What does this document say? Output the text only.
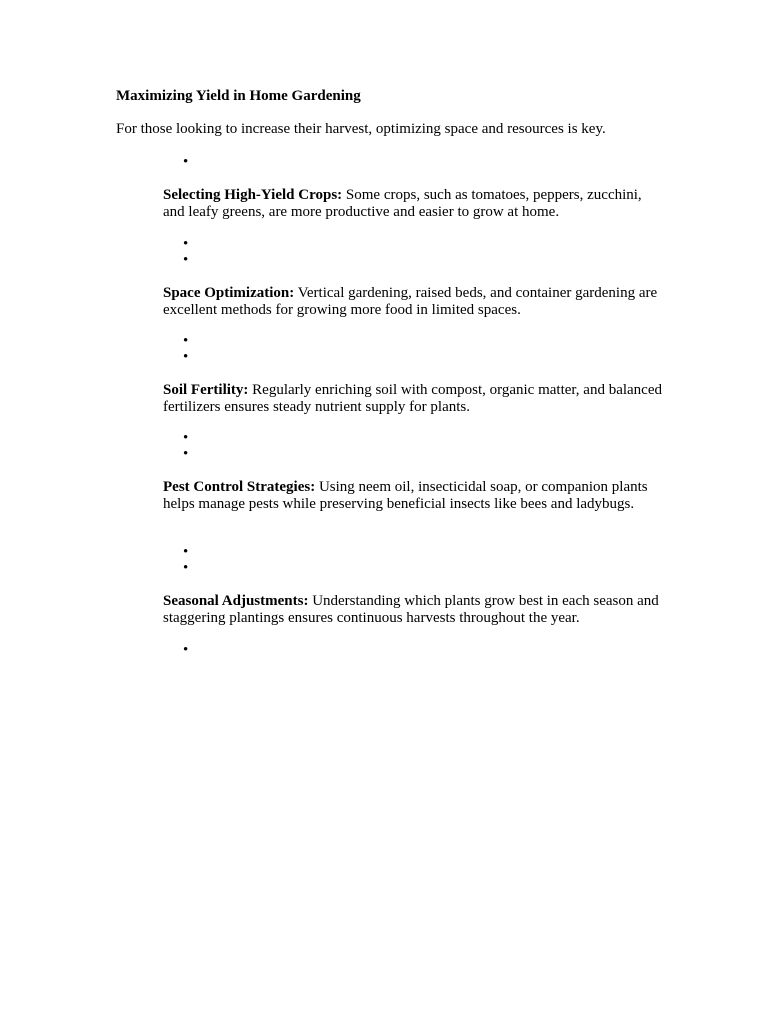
Maximizing Yield in Home Gardening

For those looking to increase their harvest, optimizing space and resources is key.

•

Selecting High-Yield Crops: Some crops, such as tomatoes, peppers, zucchini, and leafy greens, are more productive and easier to grow at home.

•
•

Space Optimization: Vertical gardening, raised beds, and container gardening are excellent methods for growing more food in limited spaces.

•
•

Soil Fertility: Regularly enriching soil with compost, organic matter, and balanced fertilizers ensures steady nutrient supply for plants.

•
•

Pest Control Strategies: Using neem oil, insecticidal soap, or companion plants helps manage pests while preserving beneficial insects like bees and ladybugs.

•
•

Seasonal Adjustments: Understanding which plants grow best in each season and staggering plantings ensures continuous harvests throughout the year.

•
